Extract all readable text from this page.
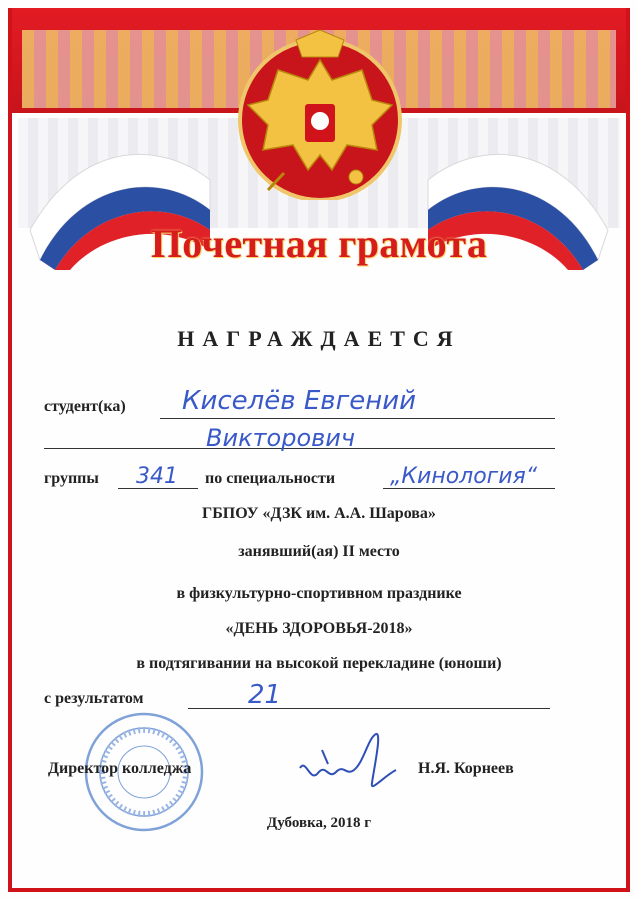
Почетная грамота
НАГРАЖДАЕТСЯ
студент(ка) Киселёв Евгений
Викторович
группы 341 по специальности „Кинология“
ГБПОУ «ДЗК им. А.А. Шарова»
занявший(ая) II место
в физкультурно-спортивном празднике
«ДЕНЬ ЗДОРОВЬЯ-2018»
в подтягивании на высокой перекладине (юноши)
с результатом	21
Директор колледжа	Н.Я. Корнеев
Дубовка, 2018 г
